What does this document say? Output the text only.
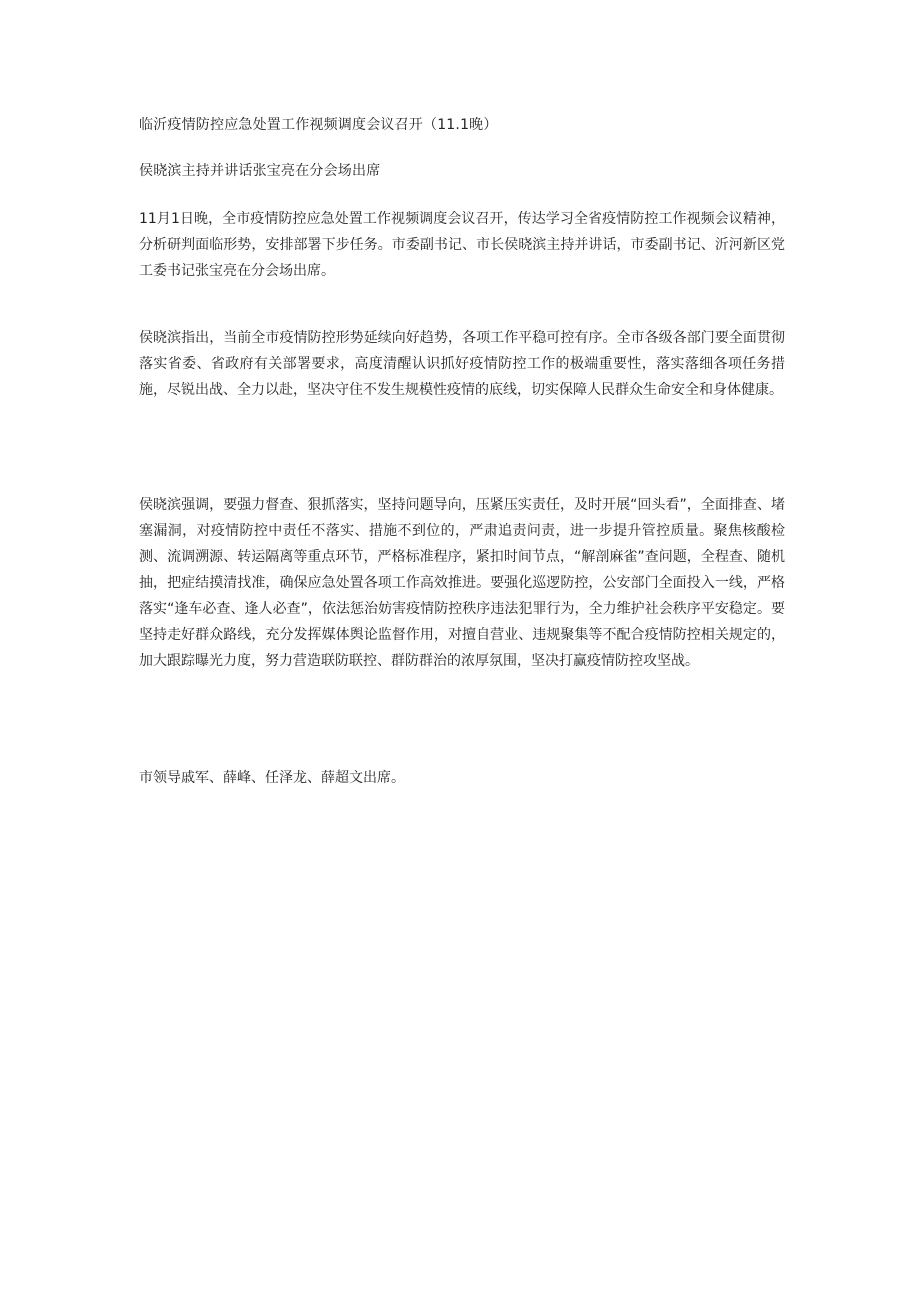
临沂疫情防控应急处置工作视频调度会议召开（11.1晚）

侯晓滨主持并讲话张宝亮在分会场出席

11月1日晚，全市疫情防控应急处置工作视频调度会议召开，传达学习全省疫情防控工作视频会议精神，分析研判面临形势，安排部署下步任务。市委副书记、市长侯晓滨主持并讲话，市委副书记、沂河新区党工委书记张宝亮在分会场出席。

侯晓滨指出，当前全市疫情防控形势延续向好趋势，各项工作平稳可控有序。全市各级各部门要全面贯彻落实省委、省政府有关部署要求，高度清醒认识抓好疫情防控工作的极端重要性，落实落细各项任务措施，尽锐出战、全力以赴，坚决守住不发生规模性疫情的底线，切实保障人民群众生命安全和身体健康。

侯晓滨强调，要强力督查、狠抓落实，坚持问题导向，压紧压实责任，及时开展“回头看”，全面排查、堵塞漏洞，对疫情防控中责任不落实、措施不到位的，严肃追责问责，进一步提升管控质量。聚焦核酸检测、流调溯源、转运隔离等重点环节，严格标准程序，紧扣时间节点，“解剖麻雀”查问题，全程查、随机抽，把症结摸清找准，确保应急处置各项工作高效推进。要强化巡逻防控，公安部门全面投入一线，严格落实“逢车必查、逢人必查”，依法惩治妨害疫情防控秩序违法犯罪行为，全力维护社会秩序平安稳定。要坚持走好群众路线，充分发挥媒体舆论监督作用，对擅自营业、违规聚集等不配合疫情防控相关规定的，加大跟踪曝光力度，努力营造联防联控、群防群治的浓厚氛围，坚决打赢疫情防控攻坚战。

市领导戚军、薛峰、任泽龙、薛超文出席。
